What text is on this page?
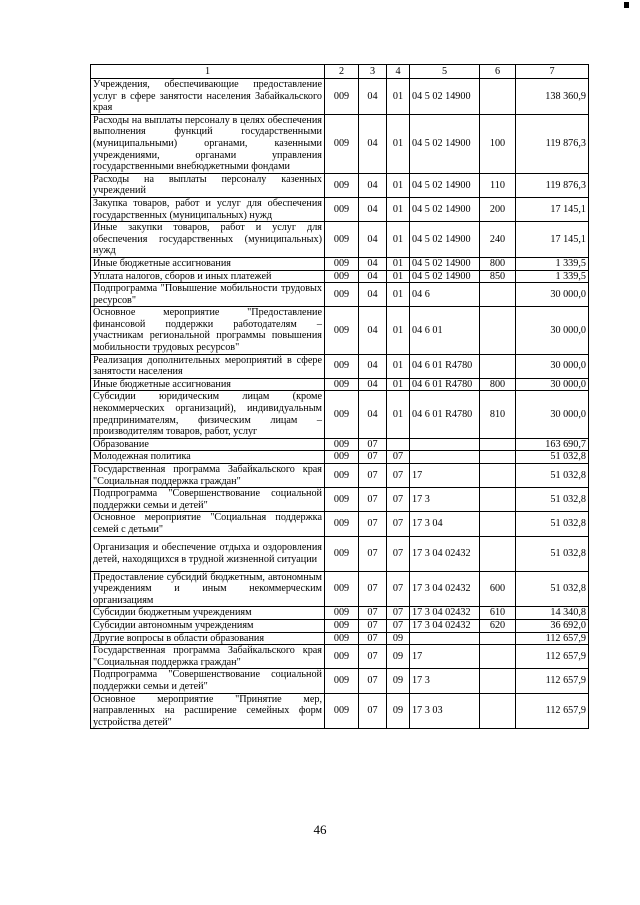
1	2	3	4	5	6	7
Учреждения, обеспечивающие предоставление услуг в сфере занятости населения Забайкальского края	009	04	01	04 5 02 14900		138 360,9
Расходы на выплаты персоналу в целях обеспечения выполнения функций государственными (муниципальными) органами, казенными учреждениями, органами управления государственными внебюджетными фондами	009	04	01	04 5 02 14900	100	119 876,3
Расходы на выплаты персоналу казенных учреждений	009	04	01	04 5 02 14900	110	119 876,3
Закупка товаров, работ и услуг для обеспечения государственных (муниципальных) нужд	009	04	01	04 5 02 14900	200	17 145,1
Иные закупки товаров, работ и услуг для обеспечения государственных (муниципальных) нужд	009	04	01	04 5 02 14900	240	17 145,1
Иные бюджетные ассигнования	009	04	01	04 5 02 14900	800	1 339,5
Уплата налогов, сборов и иных платежей	009	04	01	04 5 02 14900	850	1 339,5
Подпрограмма "Повышение мобильности трудовых ресурсов"	009	04	01	04 6		30 000,0
Основное мероприятие "Предоставление финансовой поддержки работодателям – участникам региональной программы повышения мобильности трудовых ресурсов"	009	04	01	04 6 01		30 000,0
Реализация дополнительных мероприятий в сфере занятости населения	009	04	01	04 6 01 R4780		30 000,0
Иные бюджетные ассигнования	009	04	01	04 6 01 R4780	800	30 000,0
Субсидии юридическим лицам (кроме некоммерческих организаций), индивидуальным предпринимателям, физическим лицам – производителям товаров, работ, услуг	009	04	01	04 6 01 R4780	810	30 000,0
Образование	009	07				163 690,7
Молодежная политика	009	07	07			51 032,8
Государственная программа Забайкальского края "Социальная поддержка граждан"	009	07	07	17		51 032,8
Подпрограмма "Совершенствование социальной поддержки семьи и детей"	009	07	07	17 3		51 032,8
Основное мероприятие "Социальная поддержка семей с детьми"	009	07	07	17 3 04		51 032,8
Организация и обеспечение отдыха и оздоровления детей, находящихся в трудной жизненной ситуации	009	07	07	17 3 04 02432		51 032,8
Предоставление субсидий бюджетным, автономным учреждениям и иным некоммерческим организациям	009	07	07	17 3 04 02432	600	51 032,8
Субсидии бюджетным учреждениям	009	07	07	17 3 04 02432	610	14 340,8
Субсидии автономным учреждениям	009	07	07	17 3 04 02432	620	36 692,0
Другие вопросы в области образования	009	07	09			112 657,9
Государственная программа Забайкальского края "Социальная поддержка граждан"	009	07	09	17		112 657,9
Подпрограмма "Совершенствование социальной поддержки семьи и детей"	009	07	09	17 3		112 657,9
Основное мероприятие "Принятие мер, направленных на расширение семейных форм устройства детей"	009	07	09	17 3 03		112 657,9
46
